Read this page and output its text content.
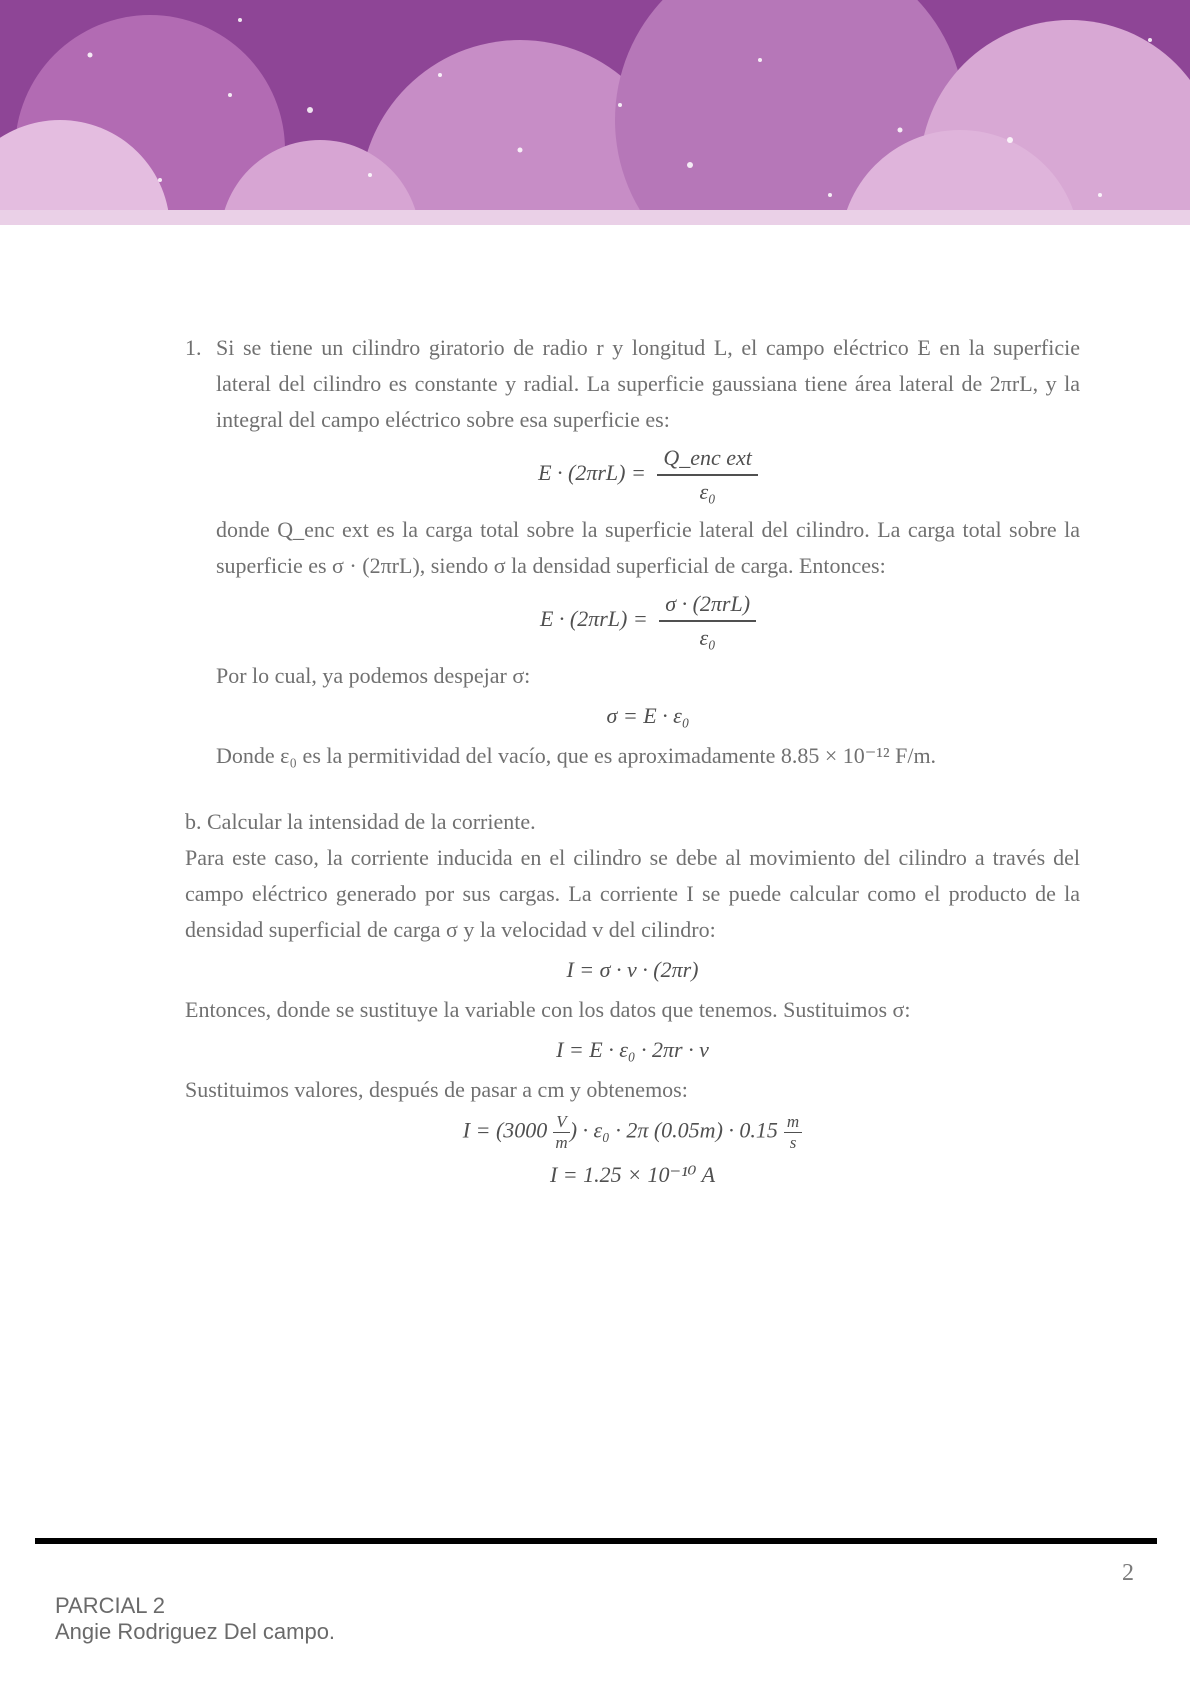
1. Si se tiene un cilindro giratorio de radio r y longitud L, el campo eléctrico E en la superficie lateral del cilindro es constante y radial. La superficie gaussiana tiene área lateral de 2πrL, y la integral del campo eléctrico sobre esa superficie es:

$E \cdot (2\pi rL) = \frac{\text{Q\_enc ext}}{\text{ε₀}}$

donde Q_enc ext es la carga total sobre la superficie lateral del cilindro. La carga total sobre la superficie es σ · (2πrL), siendo σ la densidad superficial de carga. Entonces:

$E \cdot (2\pi rL) = \frac{\text{σ · (2πrL)}}{\text{ε₀}}$

Por lo cual, ya podemos despejar σ:

σ = E · ε₀

Donde ε₀ es la permitividad del vacío, que es aproximadamente 8.85 × 10⁻¹² F/m.

b. Calcular la intensidad de la corriente.

Para este caso, la corriente inducida en el cilindro se debe al movimiento del cilindro a través del campo eléctrico generado por sus cargas. La corriente I se puede calcular como el producto de la densidad superficial de carga σ y la velocidad v del cilindro:

I = σ · v · (2πr)

Entonces, donde se sustituye la variable con los datos que tenemos. Sustituimos σ:

I = E · ε₀ · 2πr · v

Sustituimos valores, después de pasar a cm y obtenemos:

$I = (3000 \frac{V}{m}$ ) · ε₀ · 2π $(0.05m) \cdot 0.15 \frac{m}{s}$
I = 1.25 × 10⁻¹⁰ A
2
PARCIAL 2
Angie Rodriguez Del campo.
